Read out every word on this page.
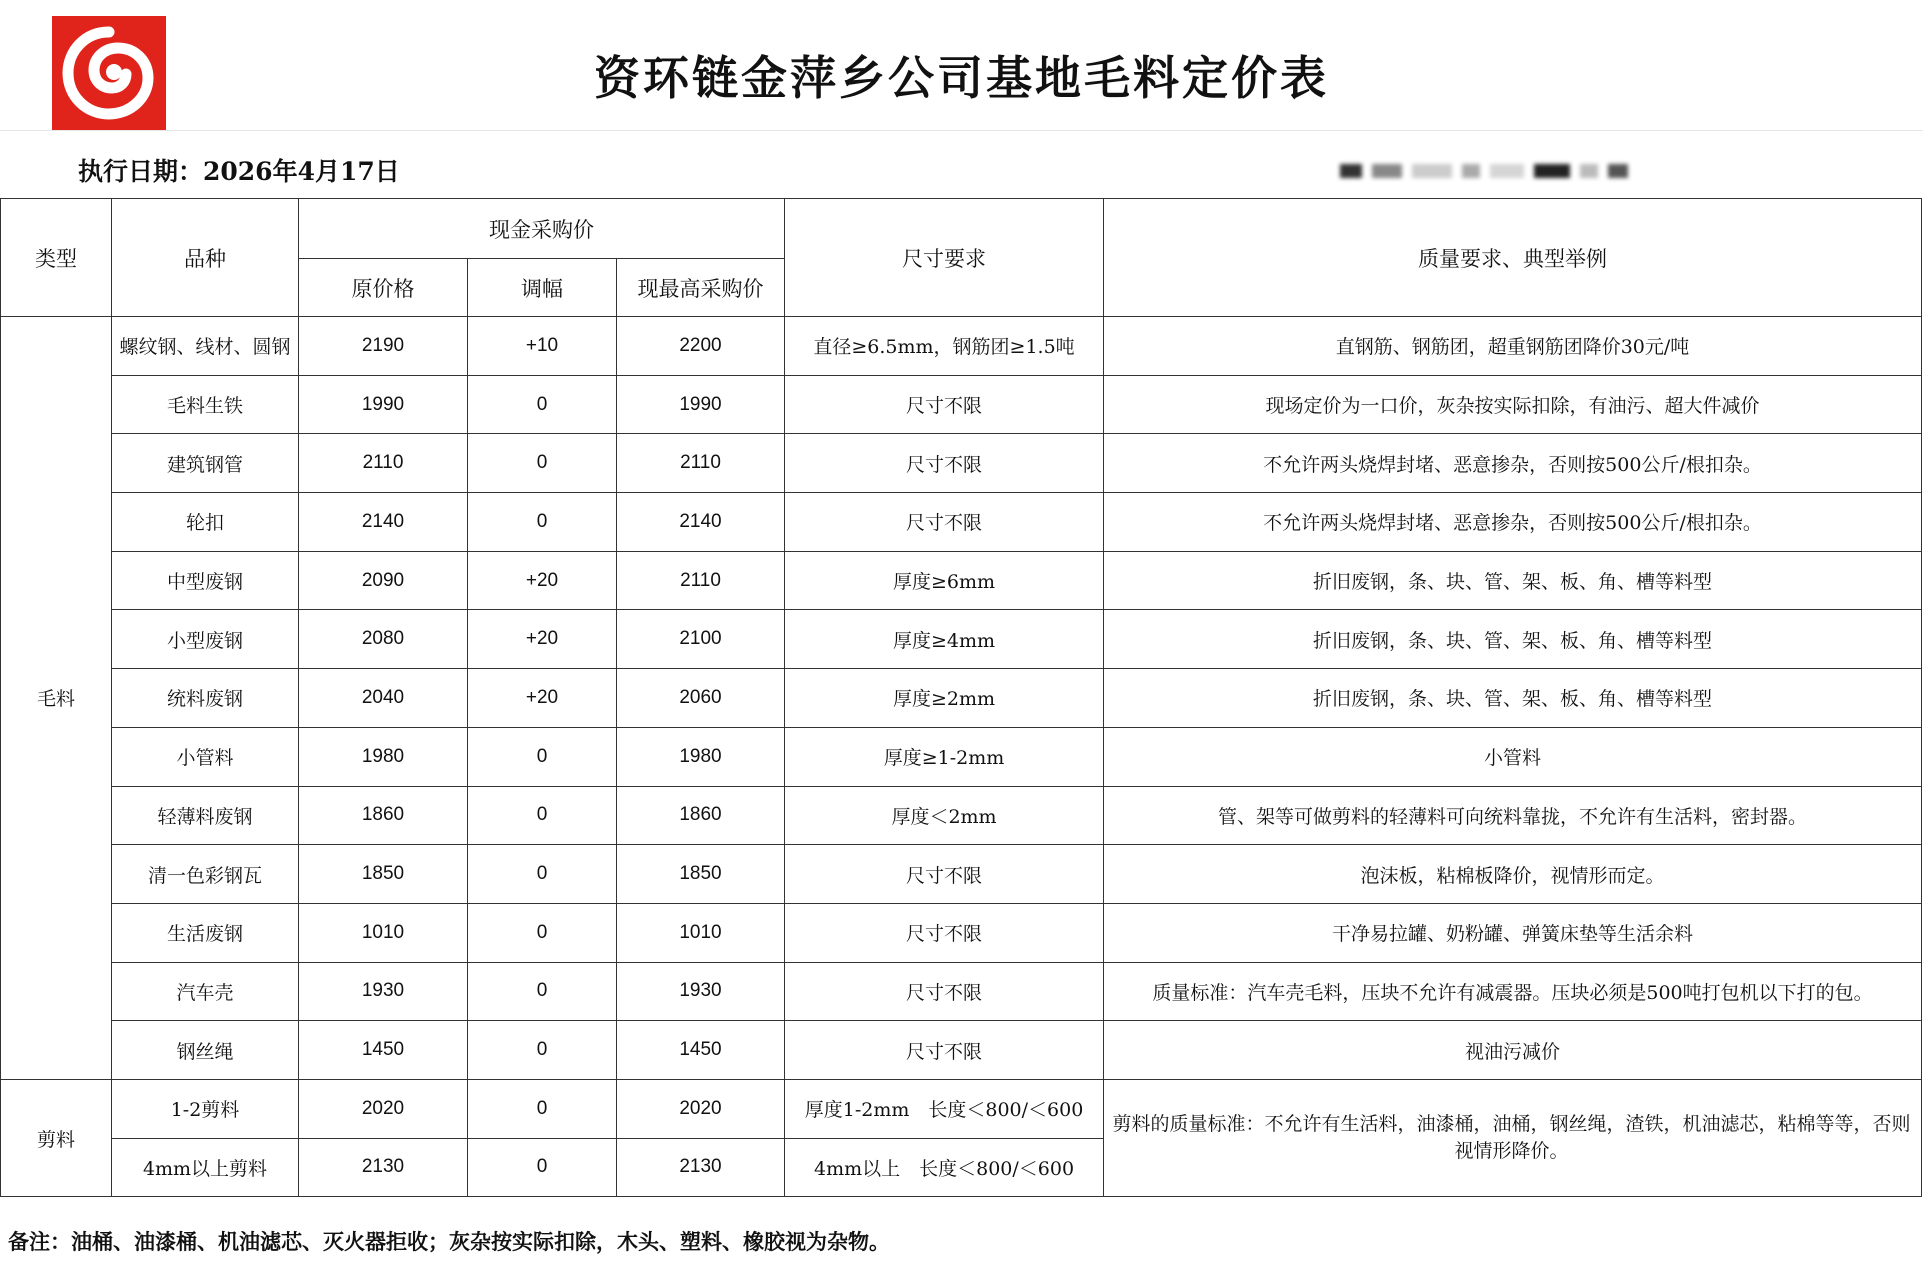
资环链金萍乡公司基地毛料定价表
执行日期：2026年4月17日
类型	品种	现金采购价			尺寸要求	质量要求、典型举例
		原价格	调幅	现最高采购价		
毛料	螺纹钢、线材、圆钢	2190	+10	2200	直径≥6.5mm，钢筋团≥1.5吨	直钢筋、钢筋团，超重钢筋团降价30元/吨
	毛料生铁	1990	0	1990	尺寸不限	现场定价为一口价，灰杂按实际扣除，有油污、超大件减价
	建筑钢管	2110	0	2110	尺寸不限	不允许两头烧焊封堵、恶意掺杂，否则按500公斤/根扣杂。
	轮扣	2140	0	2140	尺寸不限	不允许两头烧焊封堵、恶意掺杂，否则按500公斤/根扣杂。
	中型废钢	2090	+20	2110	厚度≥6mm	折旧废钢，条、块、管、架、板、角、槽等料型
	小型废钢	2080	+20	2100	厚度≥4mm	折旧废钢，条、块、管、架、板、角、槽等料型
	统料废钢	2040	+20	2060	厚度≥2mm	折旧废钢，条、块、管、架、板、角、槽等料型
	小管料	1980	0	1980	厚度≥1-2mm	小管料
	轻薄料废钢	1860	0	1860	厚度＜2mm	管、架等可做剪料的轻薄料可向统料靠拢，不允许有生活料，密封器。
	清一色彩钢瓦	1850	0	1850	尺寸不限	泡沫板，粘棉板降价，视情形而定。
	生活废钢	1010	0	1010	尺寸不限	干净易拉罐、奶粉罐、弹簧床垫等生活余料
	汽车壳	1930	0	1930	尺寸不限	质量标准：汽车壳毛料，压块不允许有减震器。压块必须是500吨打包机以下打的包。
	钢丝绳	1450	0	1450	尺寸不限	视油污减价
剪料	1-2剪料	2020	0	2020	厚度1-2mm　长度＜800/＜600	剪料的质量标准：不允许有生活料，油漆桶，油桶，钢丝绳，渣铁，机油滤芯，粘棉等等，否则视情形降价。
	4mm以上剪料	2130	0	2130	4mm以上　长度＜800/＜600	
备注：油桶、油漆桶、机油滤芯、灭火器拒收；灰杂按实际扣除，木头、塑料、橡胶视为杂物。
